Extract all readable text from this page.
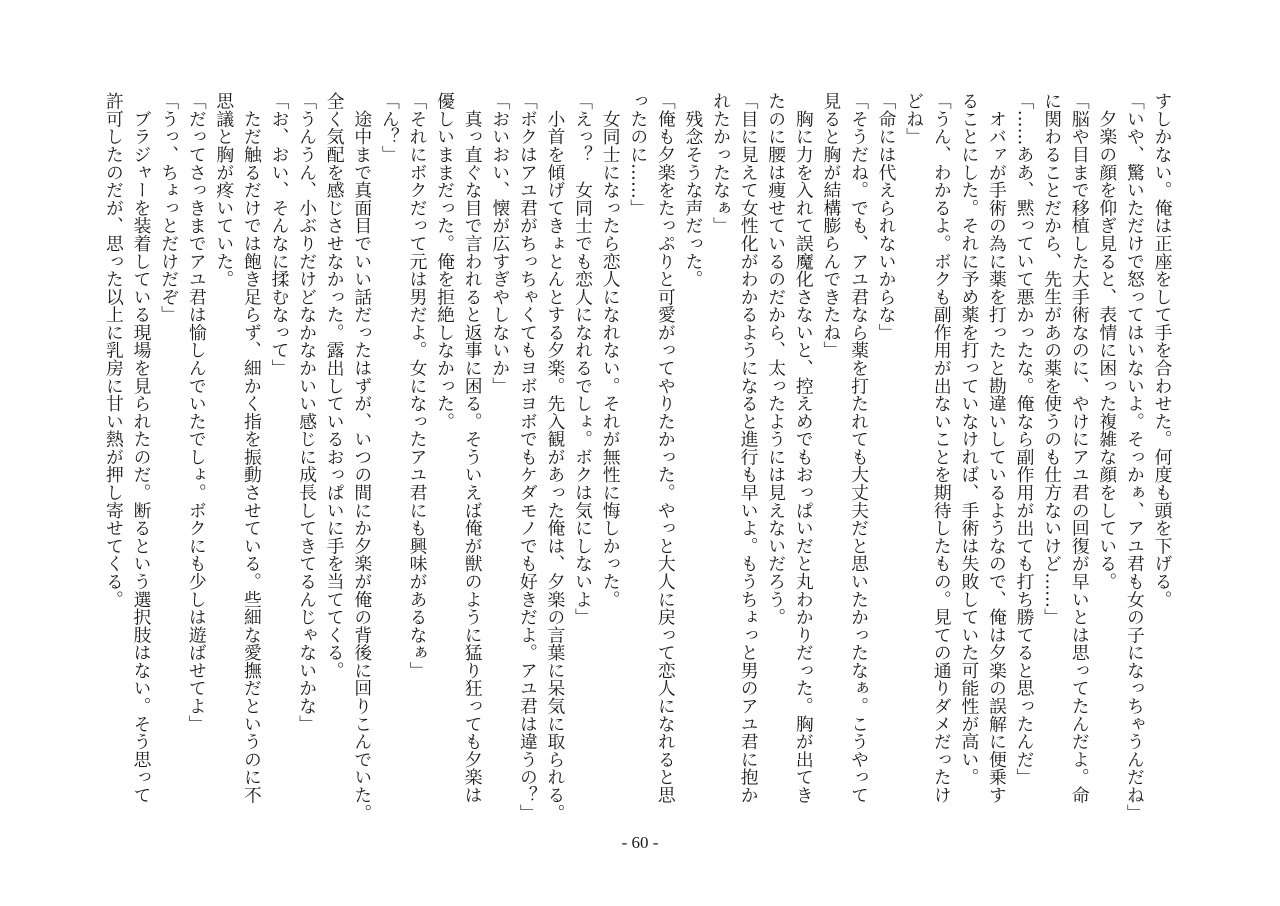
すしかない。俺は正座をして手を合わせた。何度も頭を下げる。
「いや、驚いただけで怒ってはいないよ。そっかぁ、アユ君も女の子になっちゃうんだね」
　夕楽の顔を仰ぎ見ると、表情に困った複雑な顔をしている。
「脳や目まで移植した大手術なのに、やけにアユ君の回復が早いとは思ってたんだよ。命
に関わることだから、先生があの薬を使うのも仕方ないけど……」
「……ああ、黙っていて悪かったな。俺なら副作用が出ても打ち勝てると思ったんだ」
　オバァが手術の為に薬を打ったと勘違いしているようなので、俺は夕楽の誤解に便乗す
ることにした。それに予め薬を打っていなければ、手術は失敗していた可能性が高い。
「うん、わかるよ。ボクも副作用が出ないことを期待したもの。見ての通りダメだったけ
どね」
「命には代えられないからな」
「そうだね。でも、アユ君なら薬を打たれても大丈夫だと思いたかったなぁ。こうやって
見ると胸が結構膨らんできたね」
　胸に力を入れて誤魔化さないと、控えめでもおっぱいだと丸わかりだった。胸が出てき
たのに腰は痩せているのだから、太ったようには見えないだろう。
「目に見えて女性化がわかるようになると進行も早いよ。もうちょっと男のアユ君に抱か
れたかったなぁ」
　残念そうな声だった。
「俺も夕楽をたっぷりと可愛がってやりたかった。やっと大人に戻って恋人になれると思
ったのに……」
　女同士になったら恋人になれない。それが無性に悔しかった。
「えっ？　女同士でも恋人になれるでしょ。ボクは気にしないよ」
　小首を傾げてきょとんとする夕楽。先入観があった俺は、夕楽の言葉に呆気に取られる。
「ボクはアユ君がちっちゃくてもヨボヨボでもケダモノでも好きだよ。アユ君は違うの？」
「おいおい、懐が広すぎやしないか」
　真っ直ぐな目で言われると返事に困る。そういえば俺が獣のように猛り狂っても夕楽は
優しいままだった。俺を拒絶しなかった。
「それにボクだって元は男だよ。女になったアユ君にも興味があるなぁ」
「ん？」
　途中まで真面目でいい話だったはずが、いつの間にか夕楽が俺の背後に回りこんでいた。
全く気配を感じさせなかった。露出しているおっぱいに手を当ててくる。
「うんうん、小ぶりだけどなかなかいい感じに成長してきてるんじゃないかな」
「お、おい、そんなに揉むなって」
　ただ触るだけでは飽き足らず、細かく指を振動させている。些細な愛撫だというのに不
思議と胸が疼いていた。
「だってさっきまでアユ君は愉しんでいたでしょ。ボクにも少しは遊ばせてよ」
「うっ、ちょっとだけだぞ」
　ブラジャーを装着している現場を見られたのだ。断るという選択肢はない。そう思って
許可したのだが、思った以上に乳房に甘い熱が押し寄せてくる。
- 60 -
